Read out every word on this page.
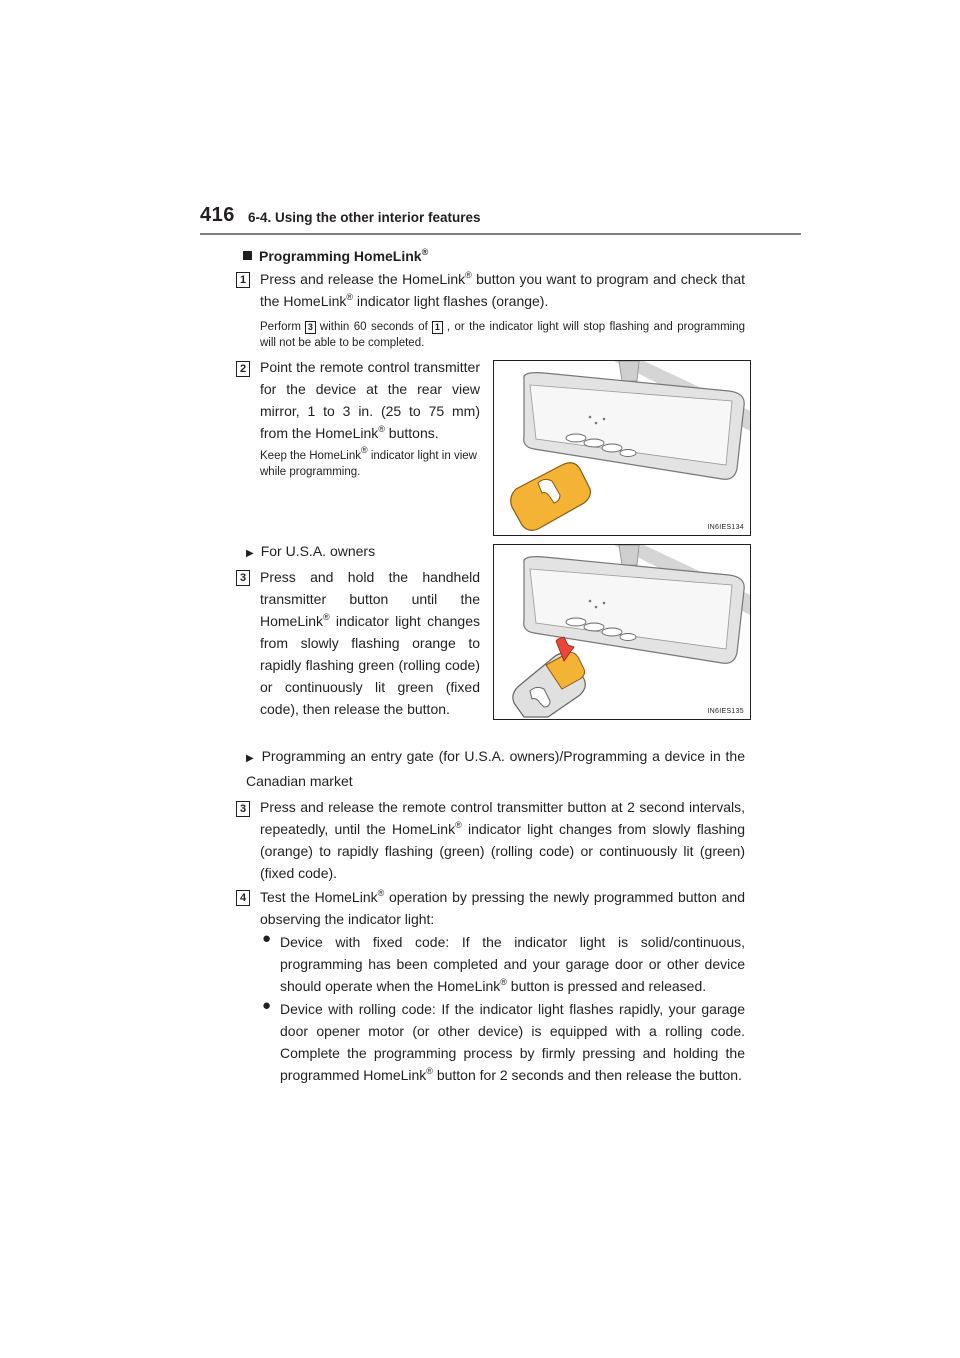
416 6-4. Using the other interior features
Programming HomeLink®
1 Press and release the HomeLink® button you want to program and check that the HomeLink® indicator light flashes (orange).
Perform 3 within 60 seconds of 1 , or the indicator light will stop flashing and programming will not be able to be completed.
2 Point the remote control transmitter for the device at the rear view mirror, 1 to 3 in. (25 to 75 mm) from the HomeLink® buttons.
Keep the HomeLink® indicator light in view while programming.
IN6IES134
▶ For U.S.A. owners
3 Press and hold the handheld transmitter button until the HomeLink® indicator light changes from slowly flashing orange to rapidly flashing green (rolling code) or continuously lit green (fixed code), then release the button.	IN6IES135
▶ Programming an entry gate (for U.S.A. owners)/Programming a device in the Canadian market
3 Press and release the remote control transmitter button at 2 second intervals, repeatedly, until the HomeLink® indicator light changes from slowly flashing (orange) to rapidly flashing (green) (rolling code) or continuously lit (green) (fixed code).
4 Test the HomeLink® operation by pressing the newly programmed button and observing the indicator light:
● Device with fixed code: If the indicator light is solid/continuous, programming has been completed and your garage door or other device should operate when the HomeLink® button is pressed and released.
● Device with rolling code: If the indicator light flashes rapidly, your garage door opener motor (or other device) is equipped with a rolling code. Complete the programming process by firmly pressing and holding the programmed HomeLink® button for 2 seconds and then release the button.
